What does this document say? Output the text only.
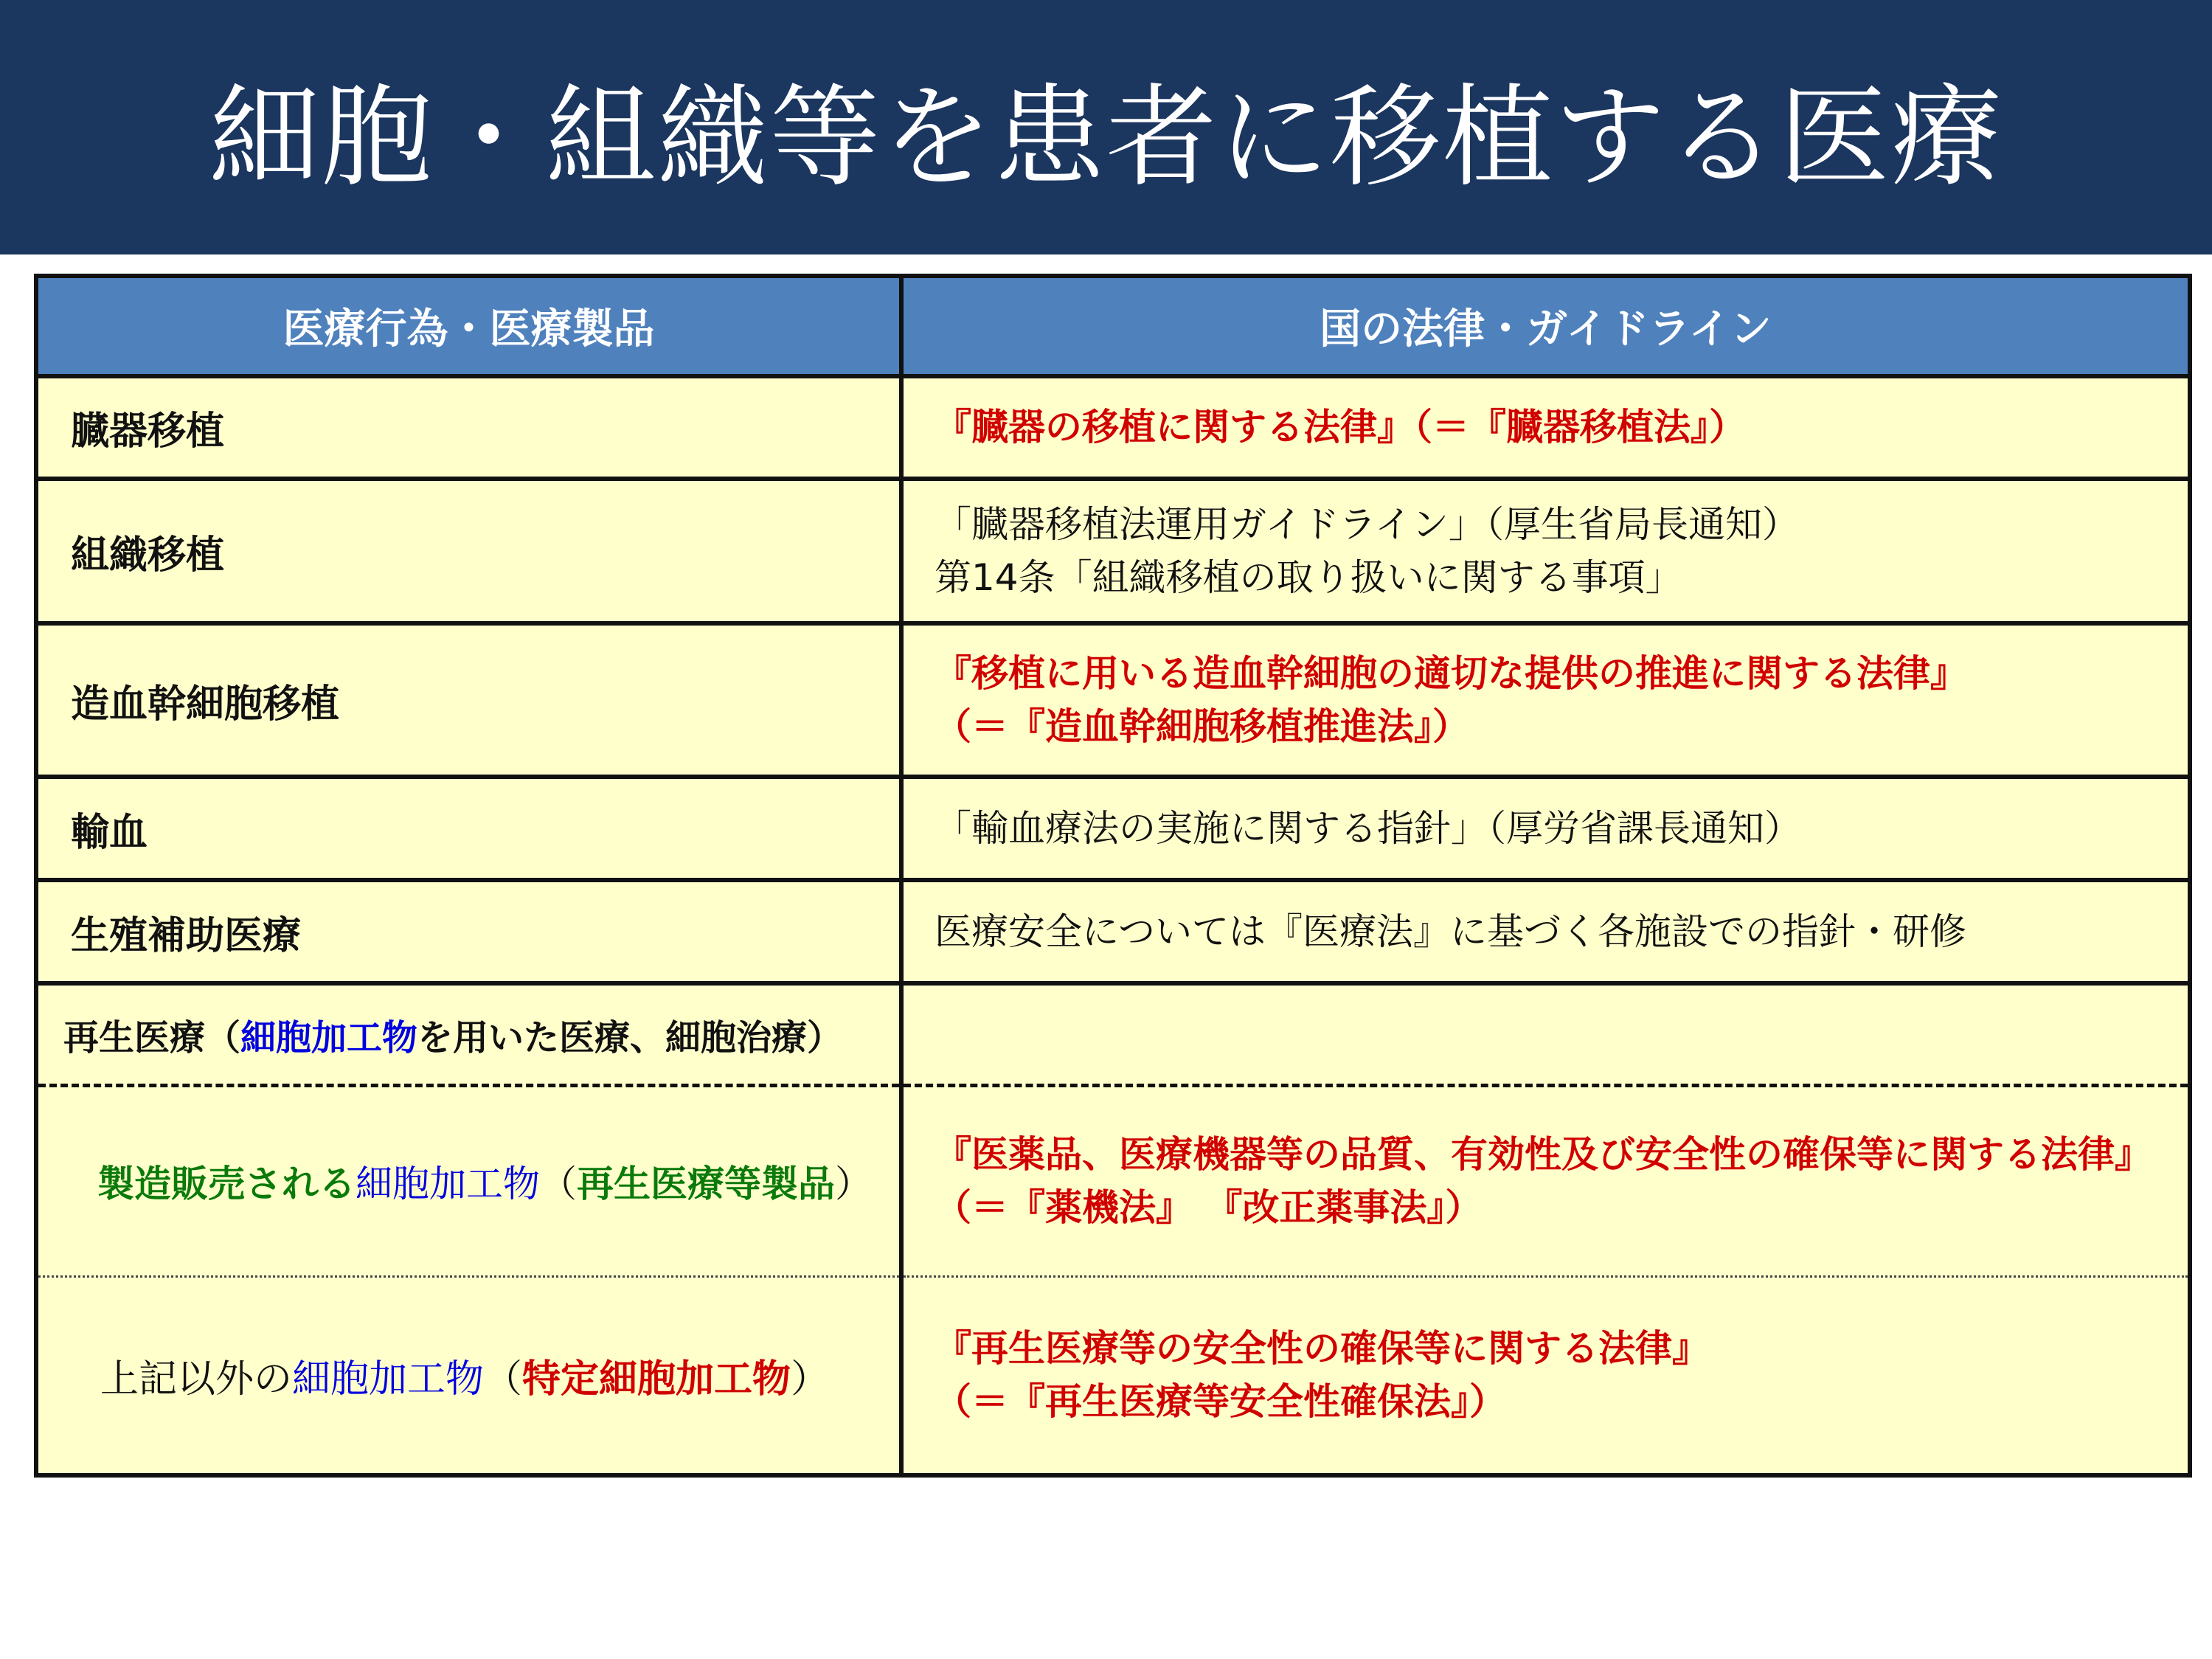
細胞・組織等を患者に移植する医療
医療行為・医療製品	国の法律・ガイドライン
臓器移植	『臓器の移植に関する法律』（＝『臓器移植法』）
組織移植	「臓器移植法運用ガイドライン」（厚生省局長通知）
第14条「組織移植の取り扱いに関する事項」

造血幹細胞移植	『移植に用いる造血幹細胞の適切な提供の推進に関する法律』
（＝『造血幹細胞移植推進法』）

輸血	「輸血療法の実施に関する指針」（厚労省課長通知）
生殖補助医療	医療安全については『医療法』に基づく各施設での指針・研修
再生医療（細胞加工物を用いた医療、細胞治療）	
製造販売される細胞加工物（再生医療等製品）	『医薬品、医療機器等の品質、有効性及び安全性の確保等に関する法律』
（＝『薬機法』 『改正薬事法』）

上記以外の細胞加工物（特定細胞加工物）	『再生医療等の安全性の確保等に関する法律』
（＝『再生医療等安全性確保法』）
